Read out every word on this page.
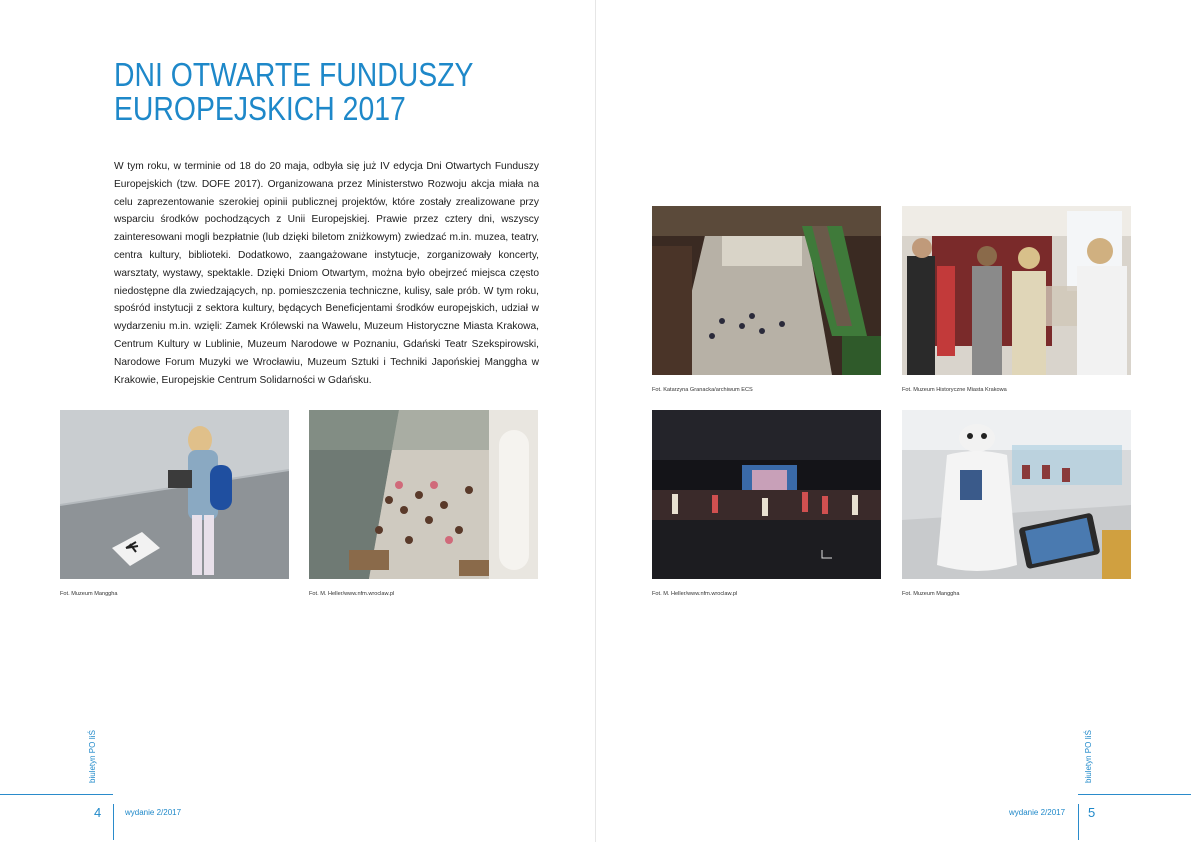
DNI OTWARTE FUNDUSZY
EUROPEJSKICH 2017

W tym roku, w terminie od 18 do 20 maja, odbyła się już IV edycja Dni Otwartych Funduszy Europejskich (tzw. DOFE 2017). Organizowana przez Ministerstwo Rozwoju akcja miała na celu zaprezentowanie szerokiej opinii publicznej projektów, które zostały zrealizowane przy wsparciu środków pochodzących z Unii Europejskiej. Prawie przez cztery dni, wszyscy zainteresowani mogli bezpłatnie (lub dzięki biletom zniżkowym) zwiedzać m.in. muzea, teatry, centra kultury, biblioteki. Dodatkowo, zaangażowane instytucje, zorganizowały koncerty, warsztaty, wystawy, spektakle. Dzięki Dniom Otwartym, można było obejrzeć miejsca często niedostępne dla zwiedzających, np. pomieszczenia techniczne, kulisy, sale prób. W tym roku, spośród instytucji z sektora kultury, będących Beneficjentami środków europejskich, udział w wydarzeniu m.in. wzięli: Zamek Królewski na Wawelu, Muzeum Historyczne Miasta Krakowa, Centrum Kultury w Lublinie, Muzeum Narodowe w Poznaniu, Gdański Teatr Szekspirowski, Narodowe Forum Muzyki we Wrocławiu, Muzeum Sztuki i Techniki Japońskiej Manggha w Krakowie, Europejskie Centrum Solidarności w Gdańsku.

Fot. Muzeum Manggha	Fot. M. Heller/www.nfm.wroclaw.pl
biuletyn PO IiŚ
4	wydanie 2/2017
Fot. Katarzyna Granacka/archiwum ECS	Fot. Muzeum Historyczne Miasta Krakowa
Fot. M. Heller/www.nfm.wroclaw.pl	Fot. Muzeum Manggha
biuletyn PO IiŚ
5
wydanie 2/2017
